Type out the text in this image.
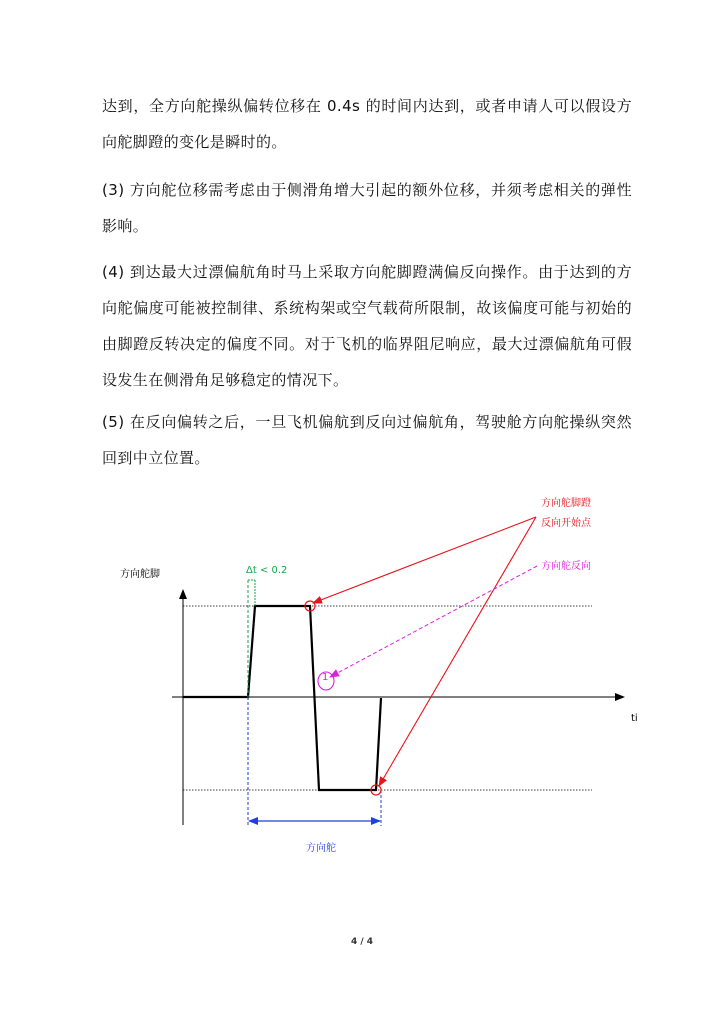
达到，全方向舵操纵偏转位移在 0.4s 的时间内达到，或者申请人可以假设方向舵脚蹬的变化是瞬时的。

(3) 方向舵位移需考虑由于侧滑角增大引起的额外位移，并须考虑相关的弹性影响。

(4) 到达最大过漂偏航角时马上采取方向舵脚蹬满偏反向操作。由于达到的方向舵偏度可能被控制律、系统构架或空气载荷所限制，故该偏度可能与初始的由脚蹬反转决定的偏度不同。对于飞机的临界阻尼响应，最大过漂偏航角可假设发生在侧滑角足够稳定的情况下。

(5) 在反向偏转之后，一旦飞机偏航到反向过偏航角，驾驶舱方向舵操纵突然回到中立位置。

Δt < 0.2
方向舵
1
方向舵脚
ti
方向舵脚蹬
反向开始点
方向舵反向
4 / 4
